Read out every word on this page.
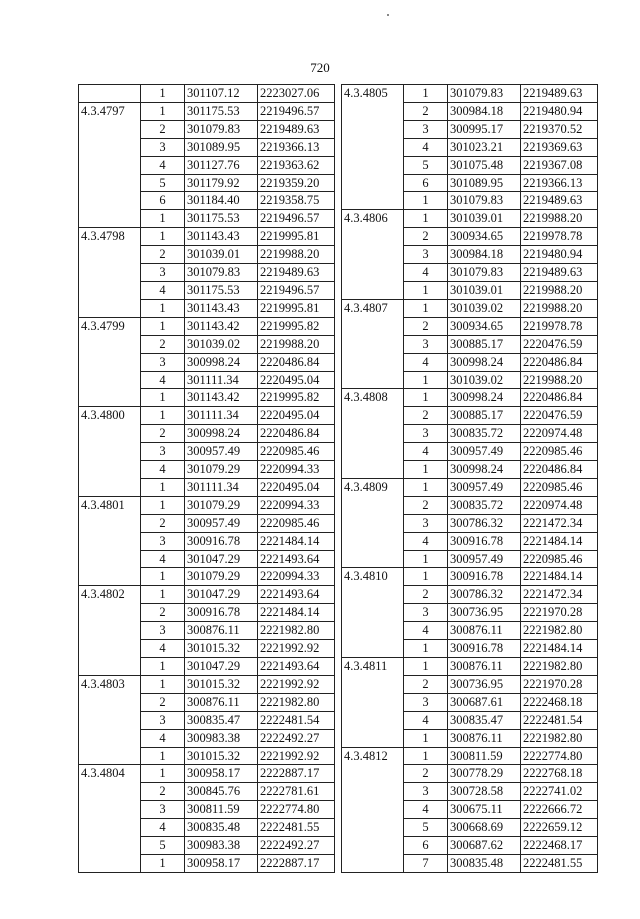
720
	1	301107.12	2223027.06
4.3.4797	1	301175.53	2219496.57
	2	301079.83	2219489.63
	3	301089.95	2219366.13
	4	301127.76	2219363.62
	5	301179.92	2219359.20
	6	301184.40	2219358.75
	1	301175.53	2219496.57
4.3.4798	1	301143.43	2219995.81
	2	301039.01	2219988.20
	3	301079.83	2219489.63
	4	301175.53	2219496.57
	1	301143.43	2219995.81
4.3.4799	1	301143.42	2219995.82
	2	301039.02	2219988.20
	3	300998.24	2220486.84
	4	301111.34	2220495.04
	1	301143.42	2219995.82
4.3.4800	1	301111.34	2220495.04
	2	300998.24	2220486.84
	3	300957.49	2220985.46
	4	301079.29	2220994.33
	1	301111.34	2220495.04
4.3.4801	1	301079.29	2220994.33
	2	300957.49	2220985.46
	3	300916.78	2221484.14
	4	301047.29	2221493.64
	1	301079.29	2220994.33
4.3.4802	1	301047.29	2221493.64
	2	300916.78	2221484.14
	3	300876.11	2221982.80
	4	301015.32	2221992.92
	1	301047.29	2221493.64
4.3.4803	1	301015.32	2221992.92
	2	300876.11	2221982.80
	3	300835.47	2222481.54
	4	300983.38	2222492.27
	1	301015.32	2221992.92
4.3.4804	1	300958.17	2222887.17
	2	300845.76	2222781.61
	3	300811.59	2222774.80
	4	300835.48	2222481.55
	5	300983.38	2222492.27
	1	300958.17	2222887.17
4.3.4805	1	301079.83	2219489.63
	2	300984.18	2219480.94
	3	300995.17	2219370.52
	4	301023.21	2219369.63
	5	301075.48	2219367.08
	6	301089.95	2219366.13
	1	301079.83	2219489.63
4.3.4806	1	301039.01	2219988.20
	2	300934.65	2219978.78
	3	300984.18	2219480.94
	4	301079.83	2219489.63
	1	301039.01	2219988.20
4.3.4807	1	301039.02	2219988.20
	2	300934.65	2219978.78
	3	300885.17	2220476.59
	4	300998.24	2220486.84
	1	301039.02	2219988.20
4.3.4808	1	300998.24	2220486.84
	2	300885.17	2220476.59
	3	300835.72	2220974.48
	4	300957.49	2220985.46
	1	300998.24	2220486.84
4.3.4809	1	300957.49	2220985.46
	2	300835.72	2220974.48
	3	300786.32	2221472.34
	4	300916.78	2221484.14
	1	300957.49	2220985.46
4.3.4810	1	300916.78	2221484.14
	2	300786.32	2221472.34
	3	300736.95	2221970.28
	4	300876.11	2221982.80
	1	300916.78	2221484.14
4.3.4811	1	300876.11	2221982.80
	2	300736.95	2221970.28
	3	300687.61	2222468.18
	4	300835.47	2222481.54
	1	300876.11	2221982.80
4.3.4812	1	300811.59	2222774.80
	2	300778.29	2222768.18
	3	300728.58	2222741.02
	4	300675.11	2222666.72
	5	300668.69	2222659.12
	6	300687.62	2222468.17
	7	300835.48	2222481.55
